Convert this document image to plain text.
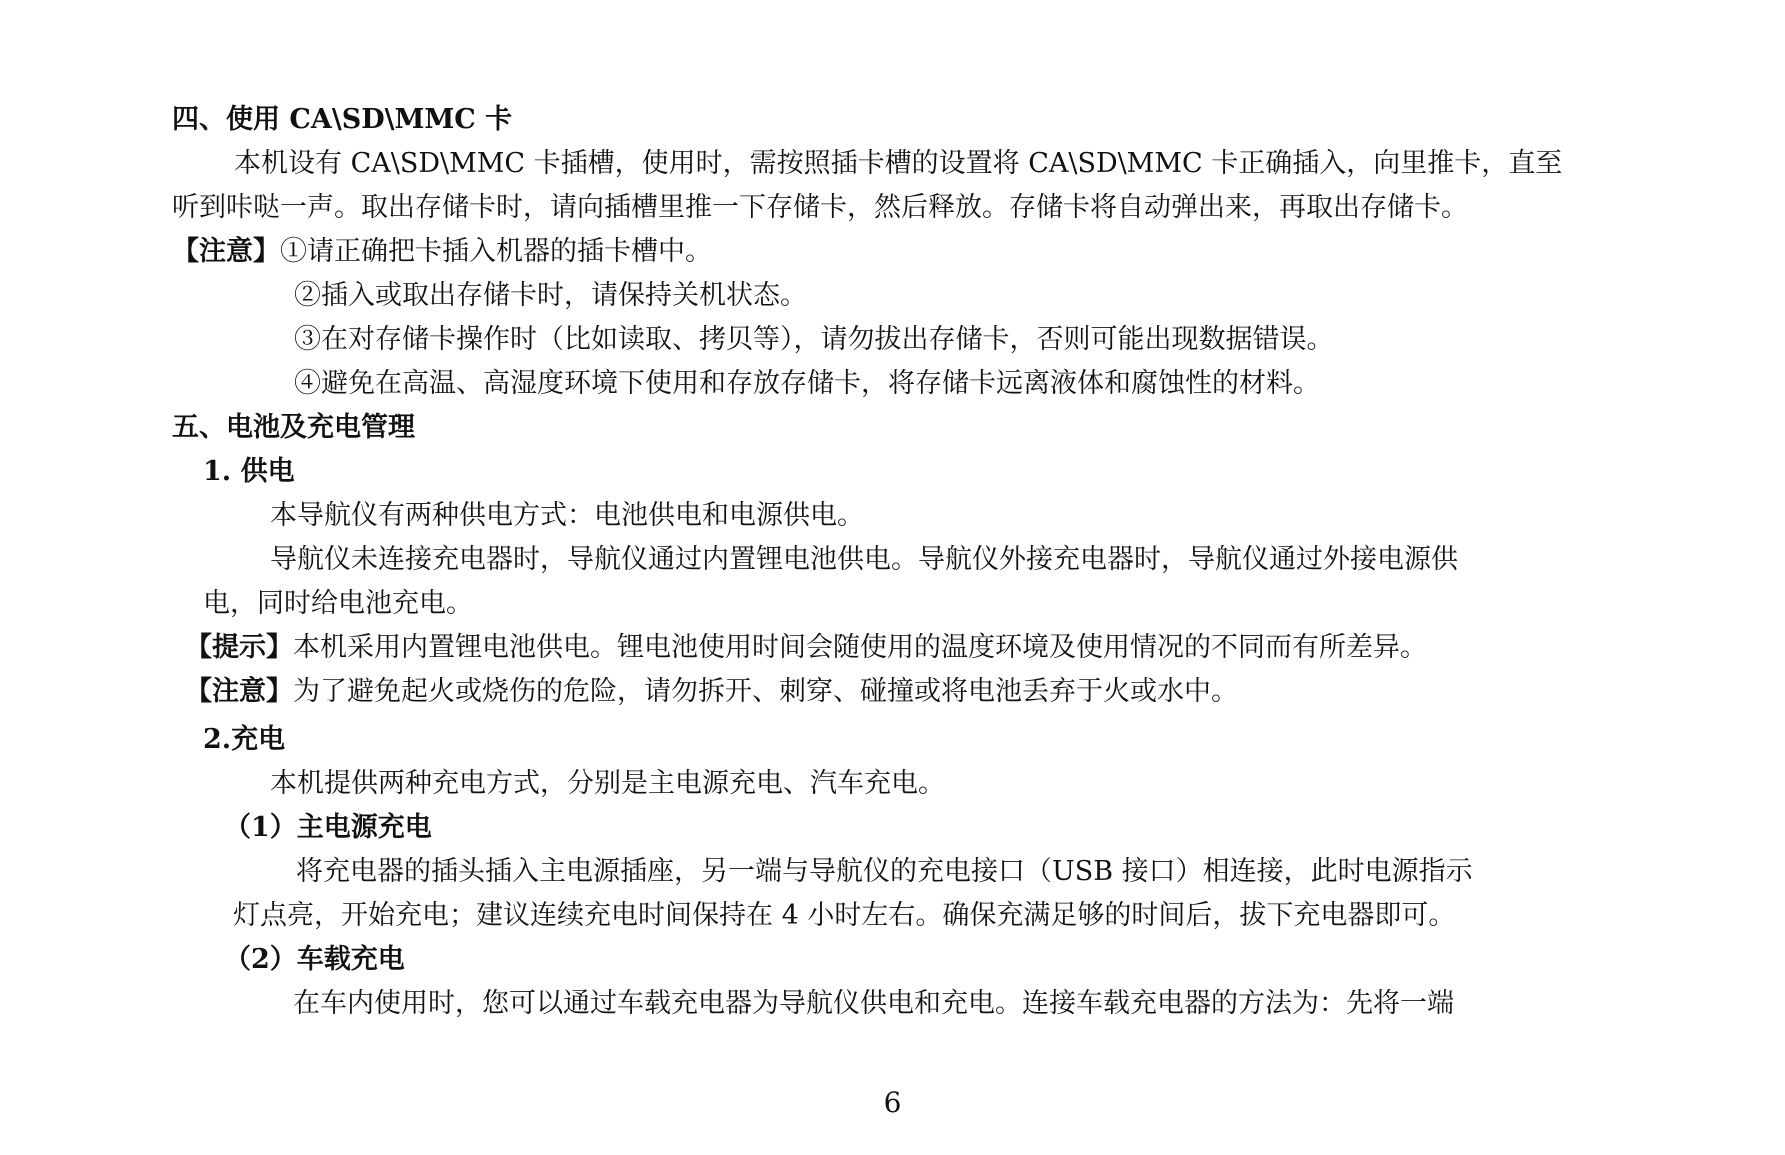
四、使用 CA\SD\MMC 卡

本机设有 CA\SD\MMC 卡插槽，使用时，需按照插卡槽的设置将 CA\SD\MMC 卡正确插入，向里推卡，直至

听到咔哒一声。取出存储卡时，请向插槽里推一下存储卡，然后释放。存储卡将自动弹出来，再取出存储卡。

【注意】①请正确把卡插入机器的插卡槽中。

②插入或取出存储卡时，请保持关机状态。

③在对存储卡操作时（比如读取、拷贝等），请勿拔出存储卡，否则可能出现数据错误。

④避免在高温、高湿度环境下使用和存放存储卡，将存储卡远离液体和腐蚀性的材料。

五、电池及充电管理

1. 供电

本导航仪有两种供电方式：电池供电和电源供电。

导航仪未连接充电器时，导航仪通过内置锂电池供电。导航仪外接充电器时，导航仪通过外接电源供

电，同时给电池充电。

【提示】本机采用内置锂电池供电。锂电池使用时间会随使用的温度环境及使用情况的不同而有所差异。

【注意】为了避免起火或烧伤的危险，请勿拆开、刺穿、碰撞或将电池丢弃于火或水中。

2.充电

本机提供两种充电方式，分别是主电源充电、汽车充电。

（1）主电源充电

将充电器的插头插入主电源插座，另一端与导航仪的充电接口（USB 接口）相连接，此时电源指示

灯点亮，开始充电；建议连续充电时间保持在 4 小时左右。确保充满足够的时间后，拔下充电器即可。

（2）车载充电

在车内使用时，您可以通过车载充电器为导航仪供电和充电。连接车载充电器的方法为：先将一端

6
